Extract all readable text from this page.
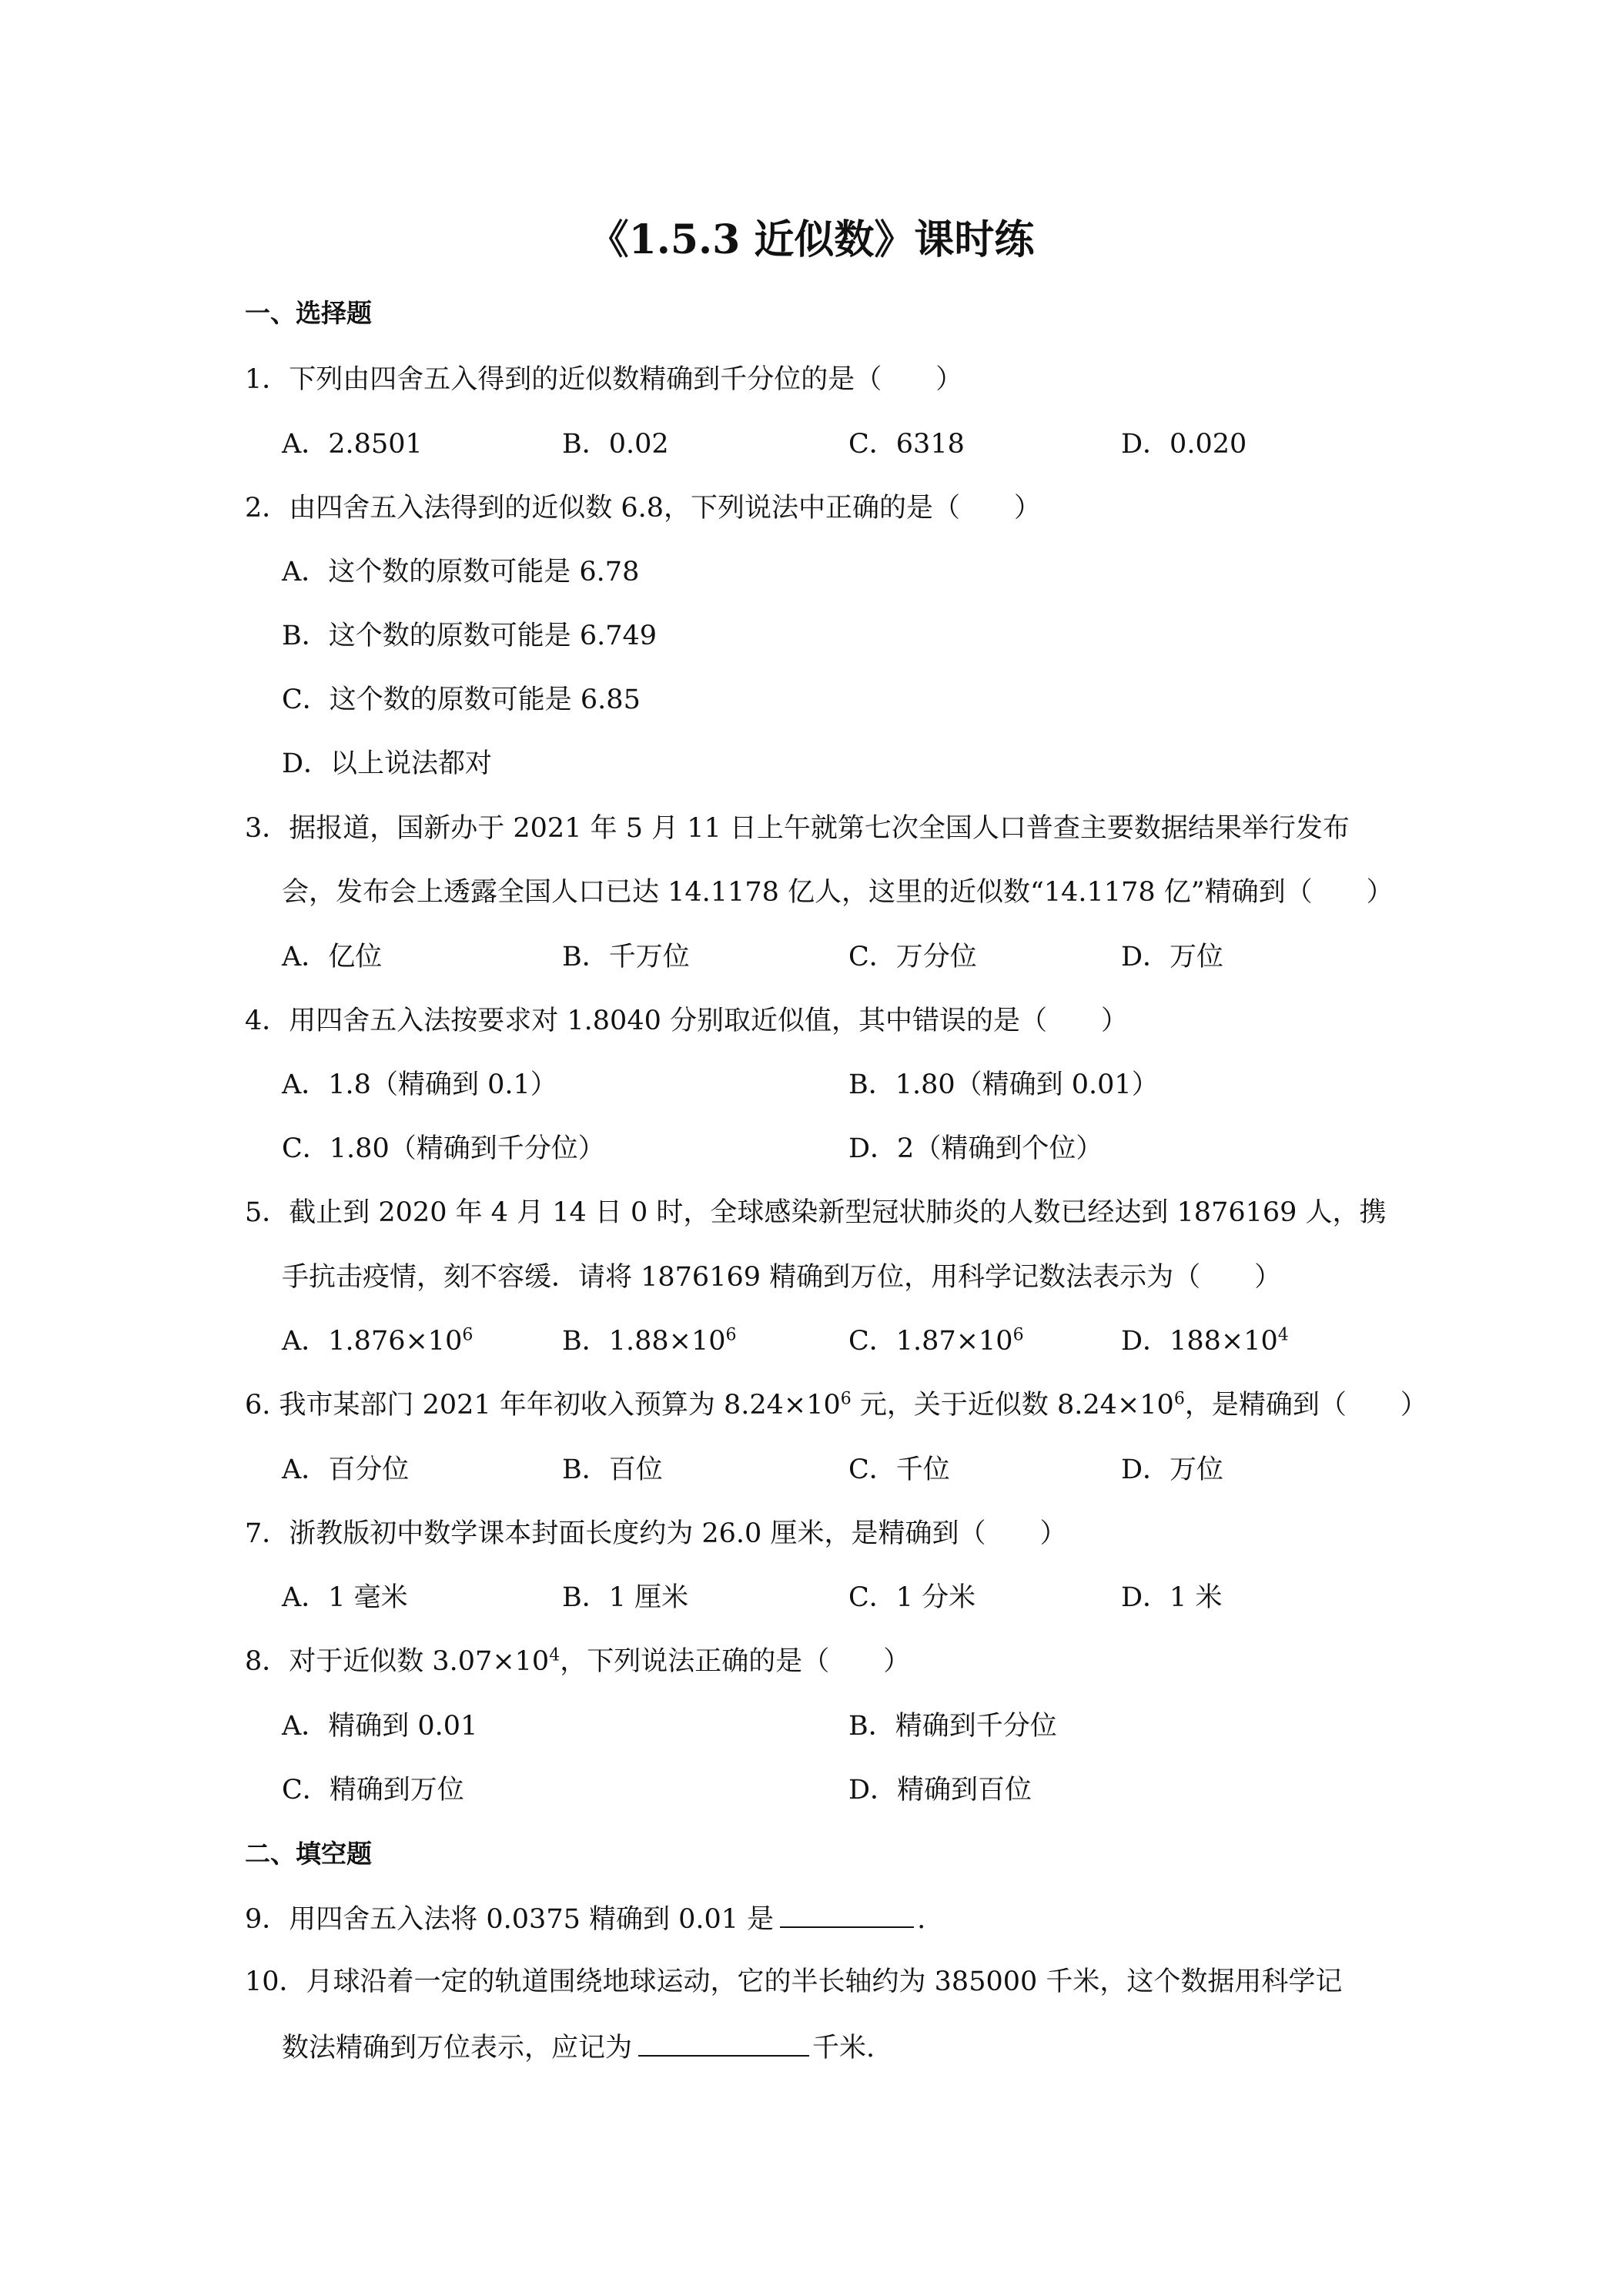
《1.5.3 近似数》课时练
一、选择题
1．下列由四舍五入得到的近似数精确到千分位的是（　　）
A．2.8501	B．0.02	C．6318	D．0.020
2．由四舍五入法得到的近似数 6.8，下列说法中正确的是（　　）
A．这个数的原数可能是 6.78
B．这个数的原数可能是 6.749
C．这个数的原数可能是 6.85
D．以上说法都对
3．据报道，国新办于 2021 年 5 月 11 日上午就第七次全国人口普查主要数据结果举行发布
会，发布会上透露全国人口已达 14.1178 亿人，这里的近似数“14.1178 亿”精确到（　　）
A．亿位	B．千万位	C．万分位	D．万位
4．用四舍五入法按要求对 1.8040 分别取近似值，其中错误的是（　　）
A．1.8（精确到 0.1）	B．1.80（精确到 0.01）
C．1.80（精确到千分位）	D．2（精确到个位）
5．截止到 2020 年 4 月 14 日 0 时，全球感染新型冠状肺炎的人数已经达到 1876169 人，携
手抗击疫情，刻不容缓．请将 1876169 精确到万位，用科学记数法表示为（　　）
A．$1.876\times 10^6$	B．$1.88\times 10^6$	C．$1.87\times 10^6$	D．$188\times 10^4$
6. 我市某部门 2021 年年初收入预算为 $8.24\times 10^6$ 元，关于近似数 $8.24\times 10^6$，是精确到（　　）
A．百分位	B．百位	C．千位	D．万位
7．浙教版初中数学课本封面长度约为 26.0 厘米，是精确到（　　）
A．1 毫米	B．1 厘米	C．1 分米	D．1 米
8．对于近似数 $3.07\times 10^4$，下列说法正确的是（　　）
A．精确到 0.01	B．精确到千分位
C．精确到万位	D．精确到百位
二、填空题
9．用四舍五入法将 0.0375 精确到 0.01 是	.
10．月球沿着一定的轨道围绕地球运动，它的半长轴约为 385000 千米，这个数据用科学记
数法精确到万位表示，应记为	千米.
